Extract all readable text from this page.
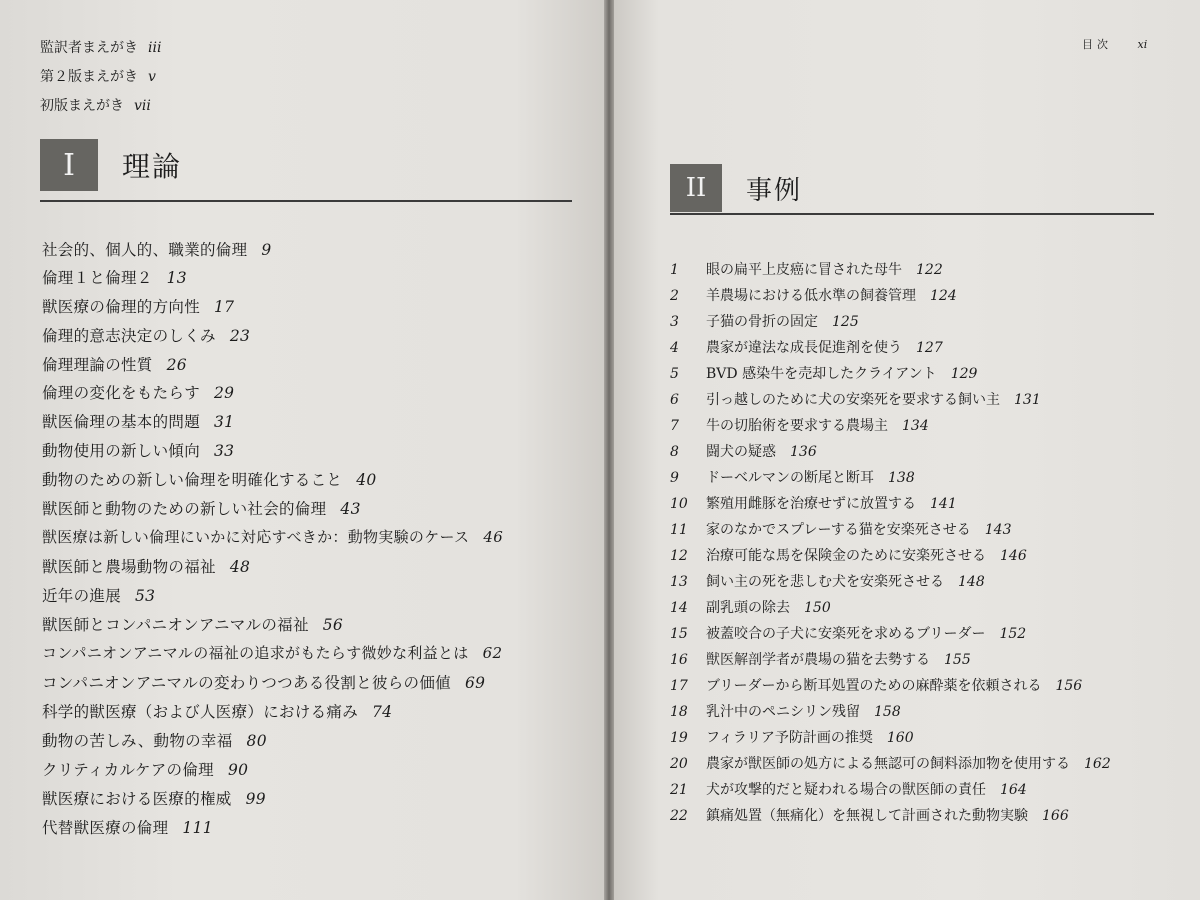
目次 xi
監訳者まえがき iii
第２版まえがき v
初版まえがき vii
I	理論
社会的、個人的、職業的倫理 9
倫理１と倫理２ 13
獣医療の倫理的方向性 17
倫理的意志決定のしくみ 23
倫理理論の性質 26
倫理の変化をもたらす 29
獣医倫理の基本的問題 31
動物使用の新しい傾向 33
動物のための新しい倫理を明確化すること 40
獣医師と動物のための新しい社会的倫理 43
獣医療は新しい倫理にいかに対応すべきか：動物実験のケース 46
獣医師と農場動物の福祉 48
近年の進展 53
獣医師とコンパニオンアニマルの福祉 56
コンパニオンアニマルの福祉の追求がもたらす微妙な利益とは 62
コンパニオンアニマルの変わりつつある役割と彼らの価値 69
科学的獣医療（および人医療）における痛み 74
動物の苦しみ、動物の幸福 80
クリティカルケアの倫理 90
獣医療における医療的権威 99
代替獣医療の倫理 111
II	事例
1 眼の扁平上皮癌に冒された母牛 122
2 羊農場における低水準の飼養管理 124
3 子猫の骨折の固定 125
4 農家が違法な成長促進剤を使う 127
5 BVD 感染牛を売却したクライアント 129
6 引っ越しのために犬の安楽死を要求する飼い主 131
7 牛の切胎術を要求する農場主 134
8 闘犬の疑惑 136
9 ドーベルマンの断尾と断耳 138
10 繁殖用雌豚を治療せずに放置する 141
11 家のなかでスプレーする猫を安楽死させる 143
12 治療可能な馬を保険金のために安楽死させる 146
13 飼い主の死を悲しむ犬を安楽死させる 148
14 副乳頭の除去 150
15 被蓋咬合の子犬に安楽死を求めるブリーダー 152
16 獣医解剖学者が農場の猫を去勢する 155
17 ブリーダーから断耳処置のための麻酔薬を依頼される 156
18 乳汁中のペニシリン残留 158
19 フィラリア予防計画の推奨 160
20 農家が獣医師の処方による無認可の飼料添加物を使用する 162
21 犬が攻撃的だと疑われる場合の獣医師の責任 164
22 鎮痛処置（無痛化）を無視して計画された動物実験 166
